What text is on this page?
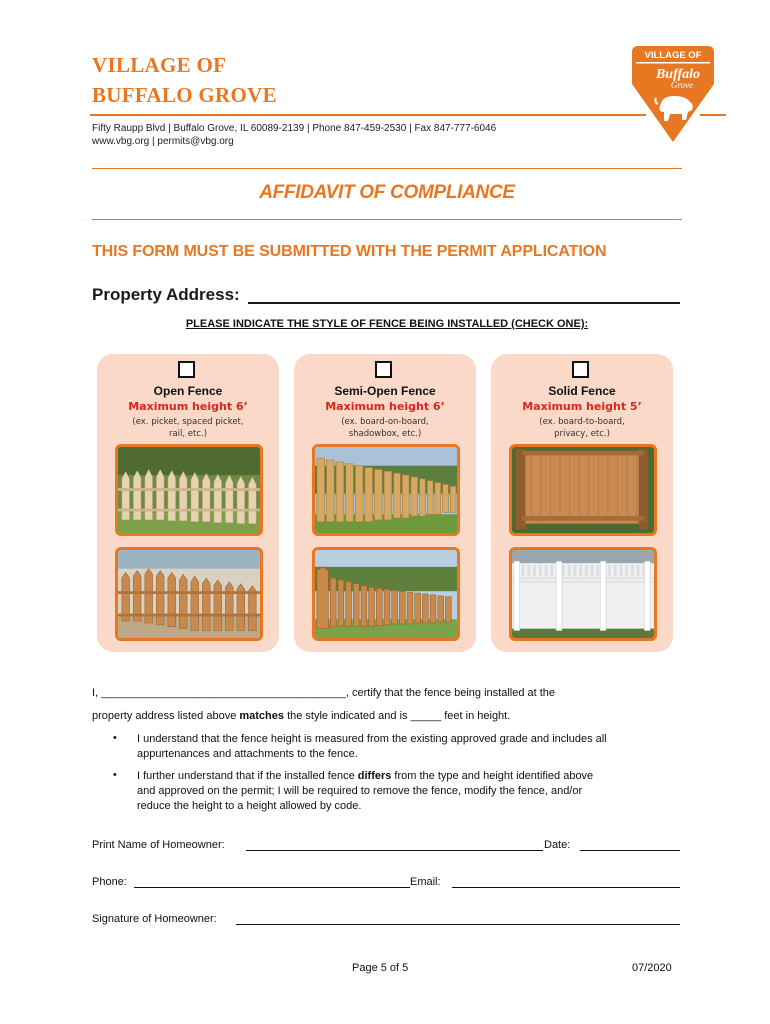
VILLAGE OF
BUFFALO GROVE
Fifty Raupp Blvd | Buffalo Grove, IL 60089-2139 | Phone 847-459-2530 | Fax 847-777-6046
www.vbg.org | permits@vbg.org
VILLAGE OF
Buffalo
Grove
AFFIDAVIT OF COMPLIANCE
THIS FORM MUST BE SUBMITTED WITH THE PERMIT APPLICATION
Property Address:
PLEASE INDICATE THE STYLE OF FENCE BEING INSTALLED (CHECK ONE):
Open Fence
Maximum height 6’
(ex. picket, spaced picket,
rail, etc.)
Semi-Open Fence
Maximum height 6’
(ex. board-on-board,
shadowbox, etc.)
Solid Fence
Maximum height 5’
(ex. board-to-board,
privacy, etc.)
I, ________________________________________, certify that the fence being installed at the
property address listed above matches the style indicated and is _____ feet in height.
• I understand that the fence height is measured from the existing approved grade and includes all
appurtenances and attachments to the fence.
• I further understand that if the installed fence differs from the type and height identified above
and approved on the permit; I will be required to remove the fence, modify the fence, and/or
reduce the height to a height allowed by code.
Print Name of Homeowner:	Date:
Phone:	Email:
Signature of Homeowner:
Page 5 of 5	07/2020
